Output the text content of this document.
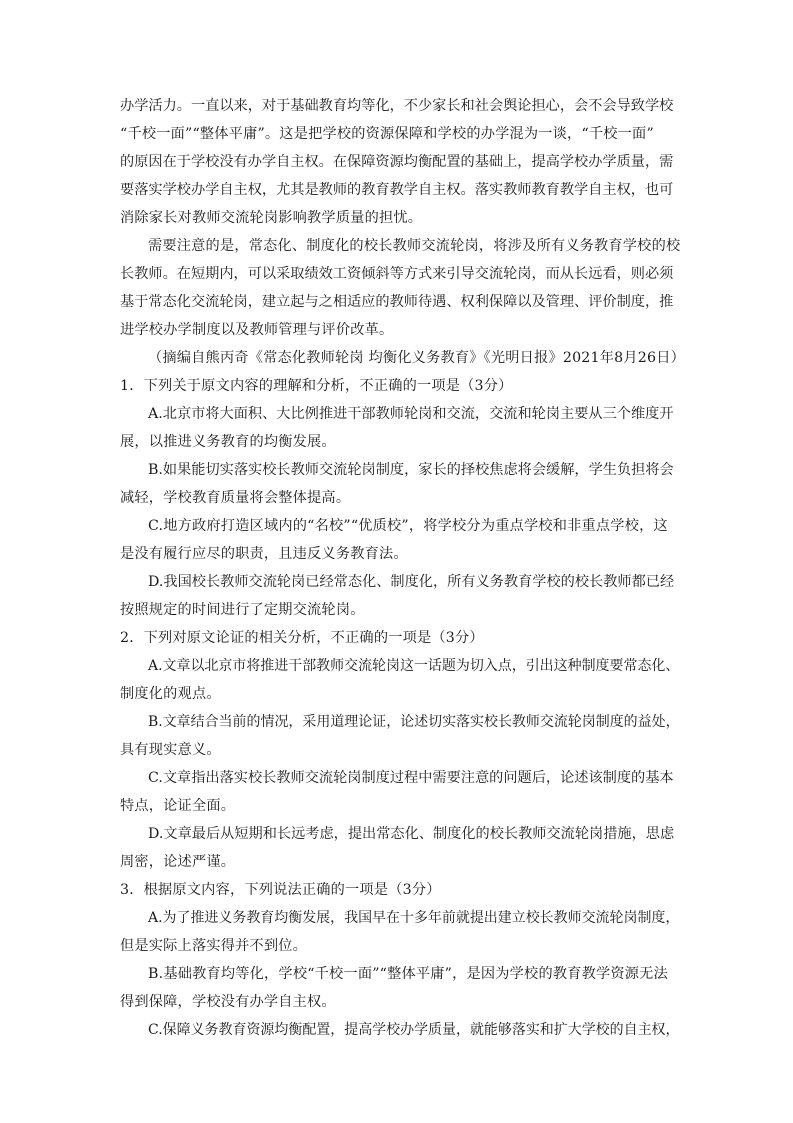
办学活力。一直以来，对于基础教育均等化，不少家长和社会舆论担心，会不会导致学校
“千校一面”“整体平庸”。这是把学校的资源保障和学校的办学混为一谈，“千校一面”
的原因在于学校没有办学自主权。在保障资源均衡配置的基础上，提高学校办学质量，需
要落实学校办学自主权，尤其是教师的教育教学自主权。落实教师教育教学自主权，也可
消除家长对教师交流轮岗影响教学质量的担忧。
需要注意的是，常态化、制度化的校长教师交流轮岗，将涉及所有义务教育学校的校
长教师。在短期内，可以采取绩效工资倾斜等方式来引导交流轮岗，而从长远看，则必须
基于常态化交流轮岗，建立起与之相适应的教师待遇、权利保障以及管理、评价制度，推
进学校办学制度以及教师管理与评价改革。
（摘编自熊丙奇《常态化教师轮岗 均衡化义务教育》《光明日报》2021年8月26日）
1．下列关于原文内容的理解和分析，不正确的一项是（3分）
A.北京市将大面积、大比例推进干部教师轮岗和交流，交流和轮岗主要从三个维度开
展，以推进义务教育的均衡发展。
B.如果能切实落实校长教师交流轮岗制度，家长的择校焦虑将会缓解，学生负担将会
减轻，学校教育质量将会整体提高。
C.地方政府打造区域内的“名校”“优质校”，将学校分为重点学校和非重点学校，这
是没有履行应尽的职责，且违反义务教育法。
D.我国校长教师交流轮岗已经常态化、制度化，所有义务教育学校的校长教师都已经
按照规定的时间进行了定期交流轮岗。
2．下列对原文论证的相关分析，不正确的一项是（3分）
A.文章以北京市将推进干部教师交流轮岗这一话题为切入点，引出这种制度要常态化、
制度化的观点。
B.文章结合当前的情况，采用道理论证，论述切实落实校长教师交流轮岗制度的益处，
具有现实意义。
C.文章指出落实校长教师交流轮岗制度过程中需要注意的问题后，论述该制度的基本
特点，论证全面。
D.文章最后从短期和长远考虑，提出常态化、制度化的校长教师交流轮岗措施，思虑
周密，论述严谨。
3．根据原文内容，下列说法正确的一项是（3分）
A.为了推进义务教育均衡发展，我国早在十多年前就提出建立校长教师交流轮岗制度，
但是实际上落实得并不到位。
B.基础教育均等化，学校“千校一面”“整体平庸”，是因为学校的教育教学资源无法
得到保障，学校没有办学自主权。
C.保障义务教育资源均衡配置，提高学校办学质量，就能够落实和扩大学校的自主权，
